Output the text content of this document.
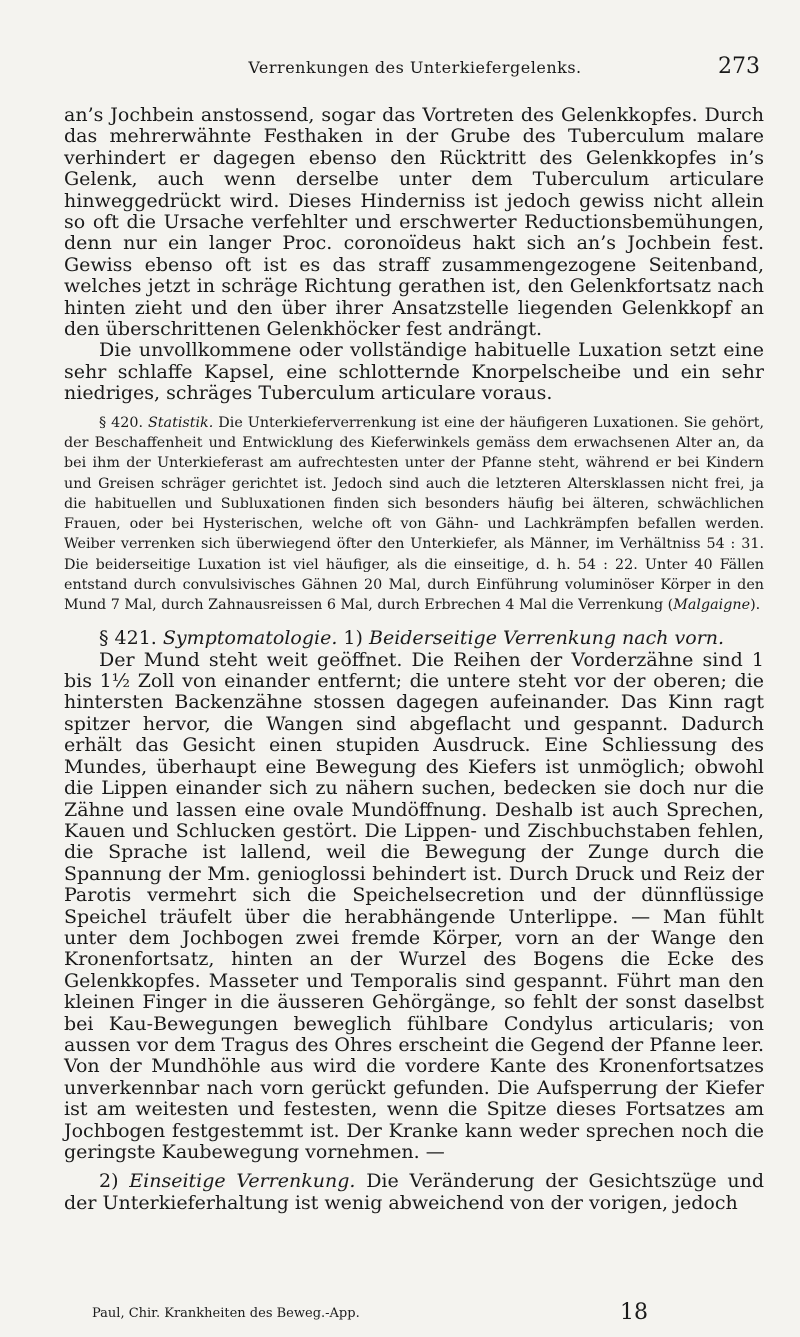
Verrenkungen des Unterkiefergelenks.	273

an’s Jochbein anstossend, sogar das Vortreten des Gelenkkopfes. Durch das mehrerwähnte Festhaken in der Grube des Tuberculum malare verhindert er dagegen ebenso den Rücktritt des Gelenkkopfes in’s Gelenk, auch wenn derselbe unter dem Tuberculum articulare hinweggedrückt wird. Dieses Hinderniss ist jedoch gewiss nicht allein so oft die Ursache verfehlter und erschwerter Reductionsbemühungen, denn nur ein langer Proc. coronoïdeus hakt sich an’s Jochbein fest. Gewiss ebenso oft ist es das straff zusammengezogene Seitenband, welches jetzt in schräge Richtung gerathen ist, den Gelenkfortsatz nach hinten zieht und den über ihrer Ansatzstelle liegenden Gelenkkopf an den überschrittenen Gelenkhöcker fest andrängt.

Die unvollkommene oder vollständige habituelle Luxation setzt eine sehr schlaffe Kapsel, eine schlotternde Knorpelscheibe und ein sehr niedriges, schräges Tuberculum articulare voraus.

§ 420. Statistik. Die Unterkieferverrenkung ist eine der häufigeren Luxationen. Sie gehört, der Beschaffenheit und Entwicklung des Kieferwinkels gemäss dem erwachsenen Alter an, da bei ihm der Unterkieferast am aufrechtesten unter der Pfanne steht, während er bei Kindern und Greisen schräger gerichtet ist. Jedoch sind auch die letzteren Altersklassen nicht frei, ja die habituellen und Subluxationen finden sich besonders häufig bei älteren, schwächlichen Frauen, oder bei Hysterischen, welche oft von Gähn- und Lachkrämpfen befallen werden. Weiber verrenken sich überwiegend öfter den Unterkiefer, als Männer, im Verhältniss 54 : 31. Die beiderseitige Luxation ist viel häufiger, als die einseitige, d. h. 54 : 22. Unter 40 Fällen entstand durch convulsivisches Gähnen 20 Mal, durch Einführung voluminöser Körper in den Mund 7 Mal, durch Zahnausreissen 6 Mal, durch Erbrechen 4 Mal die Verrenkung (Malgaigne).

§ 421. Symptomatologie. 1) Beiderseitige Verrenkung nach vorn.

Der Mund steht weit geöffnet. Die Reihen der Vorderzähne sind 1 bis 1½ Zoll von einander entfernt; die untere steht vor der oberen; die hintersten Backenzähne stossen dagegen aufeinander. Das Kinn ragt spitzer hervor, die Wangen sind abgeflacht und gespannt. Dadurch erhält das Gesicht einen stupiden Ausdruck. Eine Schliessung des Mundes, überhaupt eine Bewegung des Kiefers ist unmöglich; obwohl die Lippen einander sich zu nähern suchen, bedecken sie doch nur die Zähne und lassen eine ovale Mundöffnung. Deshalb ist auch Sprechen, Kauen und Schlucken gestört. Die Lippen- und Zischbuchstaben fehlen, die Sprache ist lallend, weil die Bewegung der Zunge durch die Spannung der Mm. genioglossi behindert ist. Durch Druck und Reiz der Parotis vermehrt sich die Speichelsecretion und der dünnflüssige Speichel träufelt über die herabhängende Unterlippe. — Man fühlt unter dem Jochbogen zwei fremde Körper, vorn an der Wange den Kronenfortsatz, hinten an der Wurzel des Bogens die Ecke des Gelenkkopfes. Masseter und Temporalis sind gespannt. Führt man den kleinen Finger in die äusseren Gehörgänge, so fehlt der sonst daselbst bei Kau-Bewegungen beweglich fühlbare Condylus articularis; von aussen vor dem Tragus des Ohres erscheint die Gegend der Pfanne leer. Von der Mundhöhle aus wird die vordere Kante des Kronenfortsatzes unverkennbar nach vorn gerückt gefunden. Die Aufsperrung der Kiefer ist am weitesten und festesten, wenn die Spitze dieses Fortsatzes am Jochbogen festgestemmt ist. Der Kranke kann weder sprechen noch die geringste Kaubewegung vornehmen. —

2) Einseitige Verrenkung. Die Veränderung der Gesichtszüge und der Unterkieferhaltung ist wenig abweichend von der vorigen, jedoch

Paul, Chir. Krankheiten des Beweg.-App.	18
